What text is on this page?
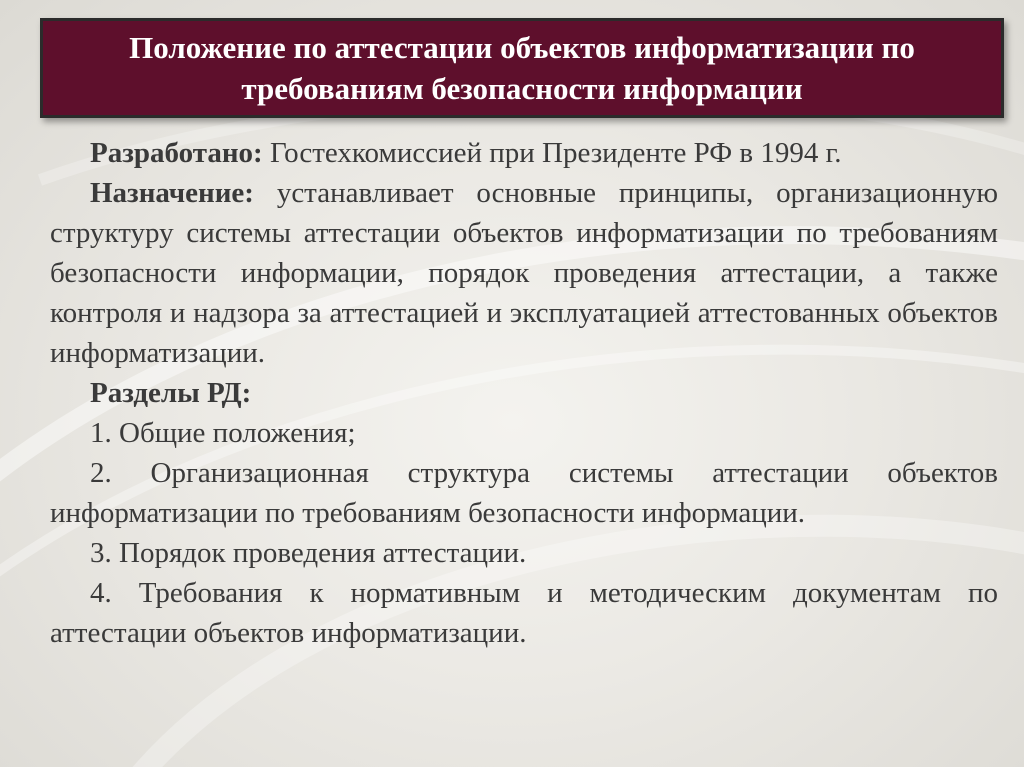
Положение по аттестации объектов информатизации по
требованиям безопасности информации

Разработано: Гостехкомиссией при Президенте РФ в 1994 г.

Назначение: устанавливает основные принципы, организационную структуру системы аттестации объектов информатизации по требованиям безопасности информации, порядок проведения аттестации, а также контроля и надзора за аттестацией и эксплуатацией аттестованных объектов информатизации.

Разделы РД:

1. Общие положения;

2. Организационная структура системы аттестации объектов информатизации по требованиям безопасности информации.

3. Порядок проведения аттестации.

4. Требования к нормативным и методическим документам по аттестации объектов информатизации.
